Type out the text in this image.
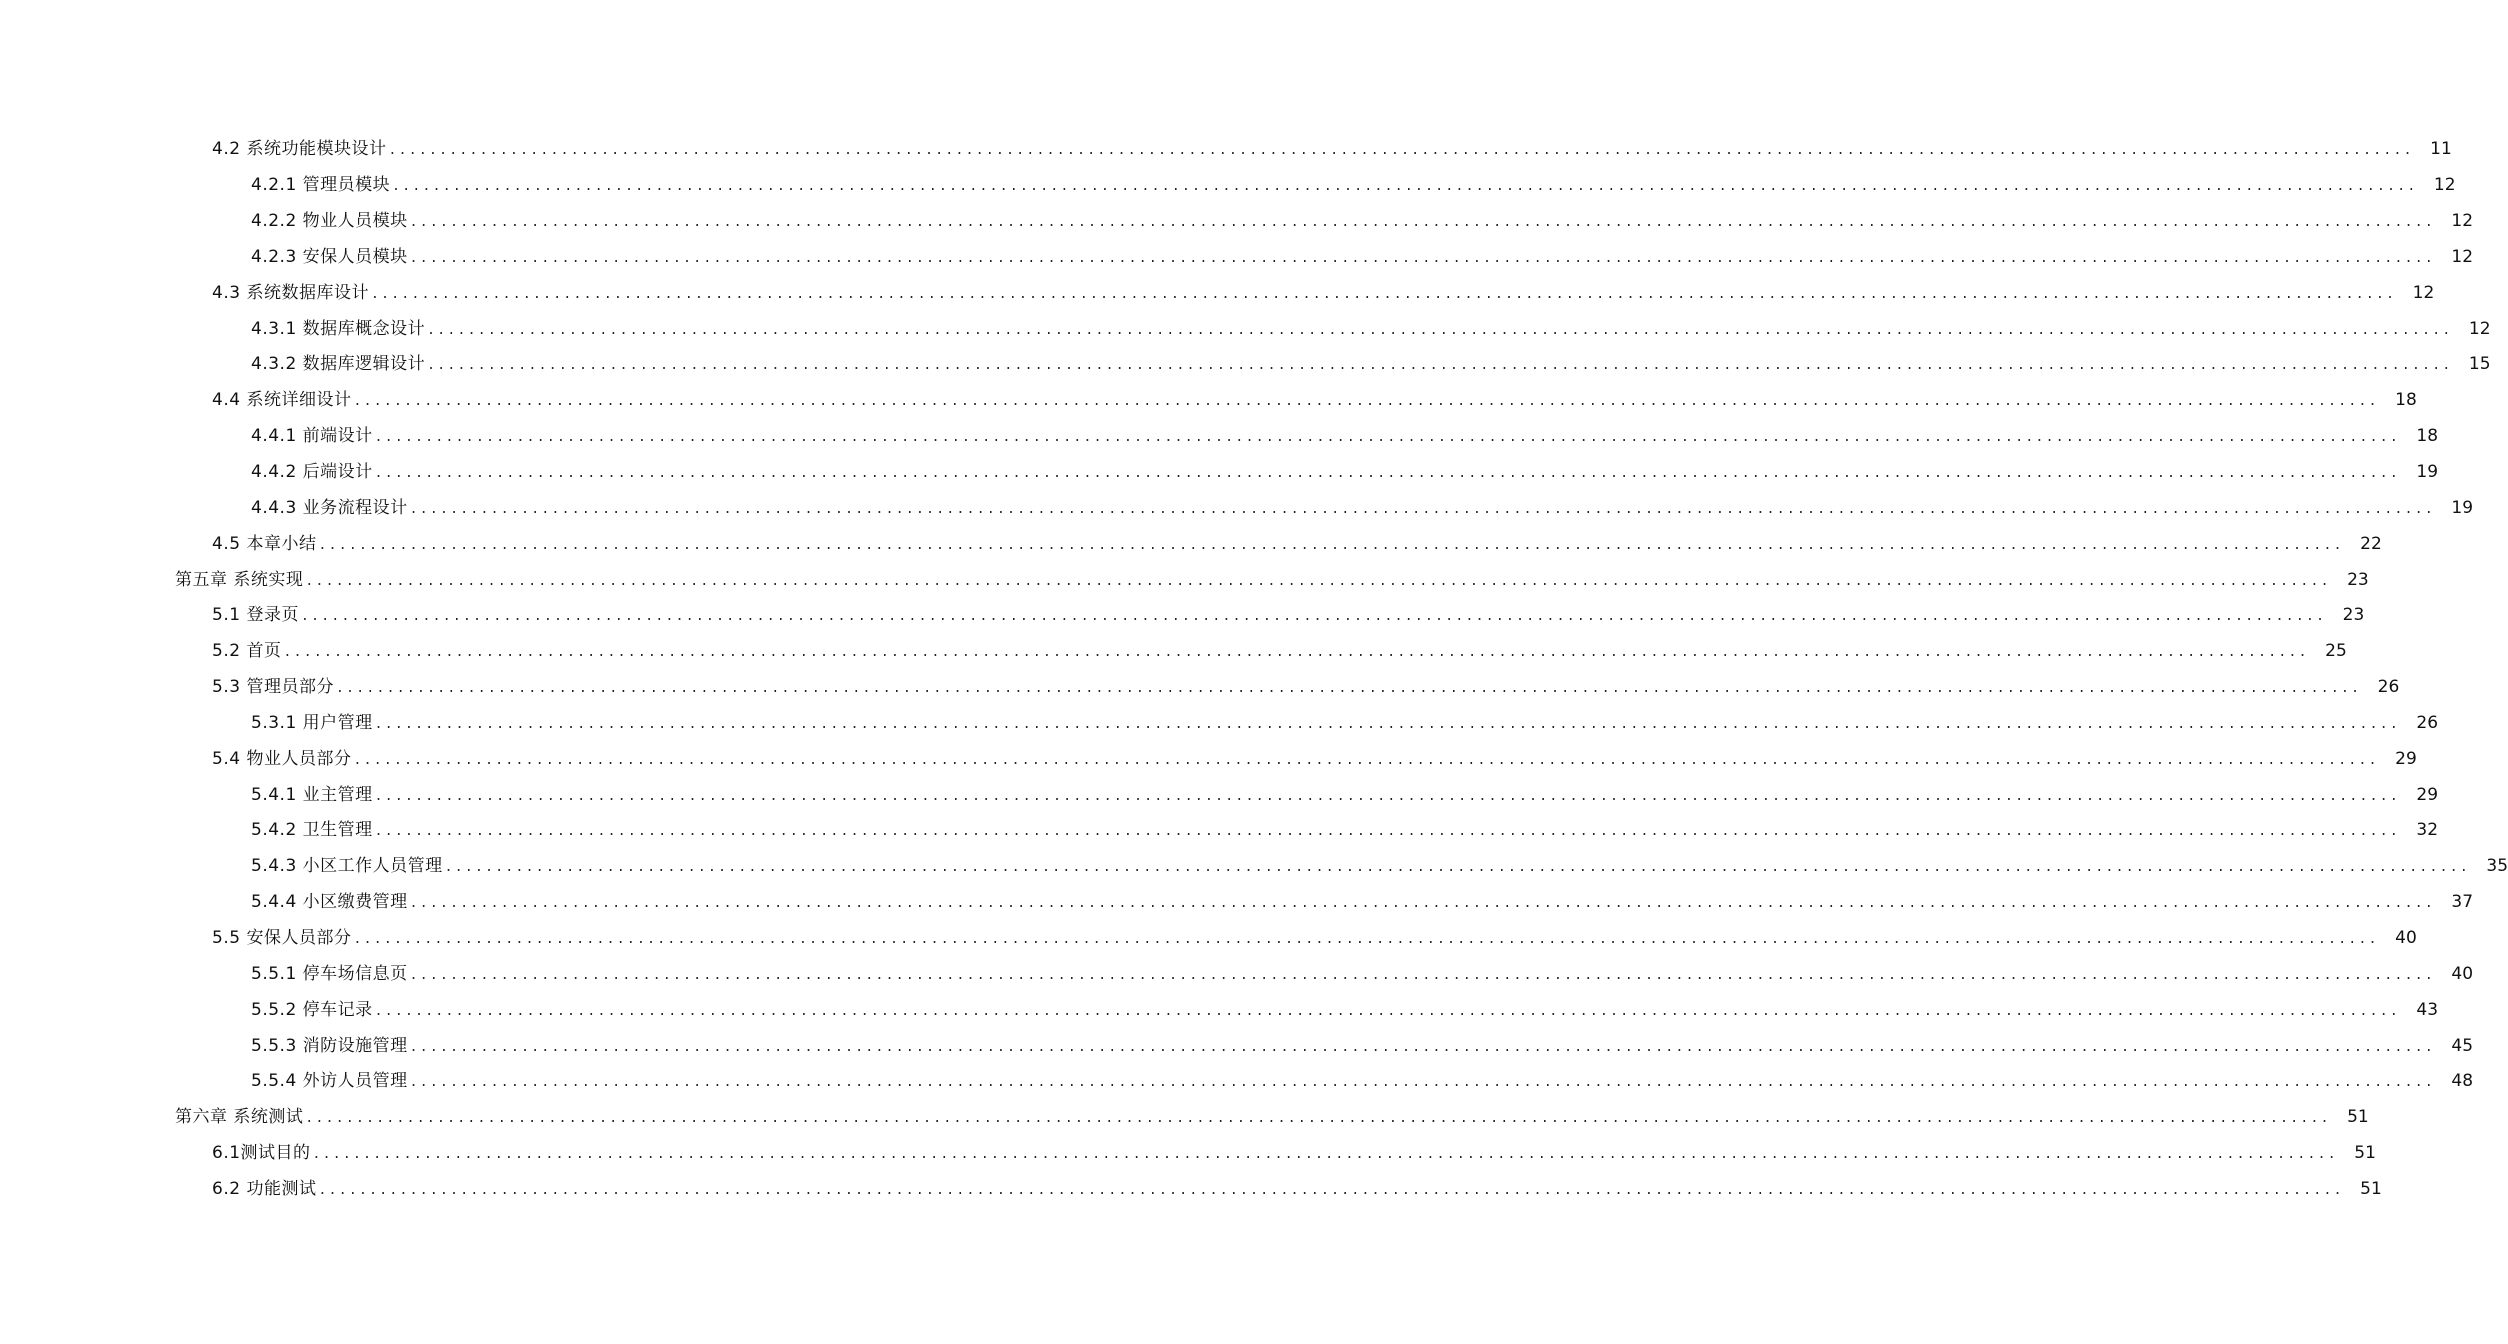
4.2 系统功能模块设计 ........................................................................................................................................................................................................ 11
4.2.1 管理员模块 ........................................................................................................................................................................................................ 12
4.2.2 物业人员模块 ........................................................................................................................................................................................................ 12
4.2.3 安保人员模块 ........................................................................................................................................................................................................ 12
4.3 系统数据库设计 ........................................................................................................................................................................................................ 12
4.3.1 数据库概念设计 ........................................................................................................................................................................................................ 12
4.3.2 数据库逻辑设计 ........................................................................................................................................................................................................ 15
4.4 系统详细设计 ........................................................................................................................................................................................................ 18
4.4.1 前端设计 ........................................................................................................................................................................................................ 18
4.4.2 后端设计 ........................................................................................................................................................................................................ 19
4.4.3 业务流程设计 ........................................................................................................................................................................................................ 19
4.5 本章小结 ........................................................................................................................................................................................................ 22
第五章 系统实现 ........................................................................................................................................................................................................ 23
5.1 登录页 ........................................................................................................................................................................................................ 23
5.2 首页 ........................................................................................................................................................................................................ 25
5.3 管理员部分 ........................................................................................................................................................................................................ 26
5.3.1 用户管理 ........................................................................................................................................................................................................ 26
5.4 物业人员部分 ........................................................................................................................................................................................................ 29
5.4.1 业主管理 ........................................................................................................................................................................................................ 29
5.4.2 卫生管理 ........................................................................................................................................................................................................ 32
5.4.3 小区工作人员管理 ........................................................................................................................................................................................................ 35
5.4.4 小区缴费管理 ........................................................................................................................................................................................................ 37
5.5 安保人员部分 ........................................................................................................................................................................................................ 40
5.5.1 停车场信息页 ........................................................................................................................................................................................................ 40
5.5.2 停车记录 ........................................................................................................................................................................................................ 43
5.5.3 消防设施管理 ........................................................................................................................................................................................................ 45
5.5.4 外访人员管理 ........................................................................................................................................................................................................ 48
第六章 系统测试 ........................................................................................................................................................................................................ 51
6.1测试目的 ........................................................................................................................................................................................................ 51
6.2 功能测试 ........................................................................................................................................................................................................ 51
